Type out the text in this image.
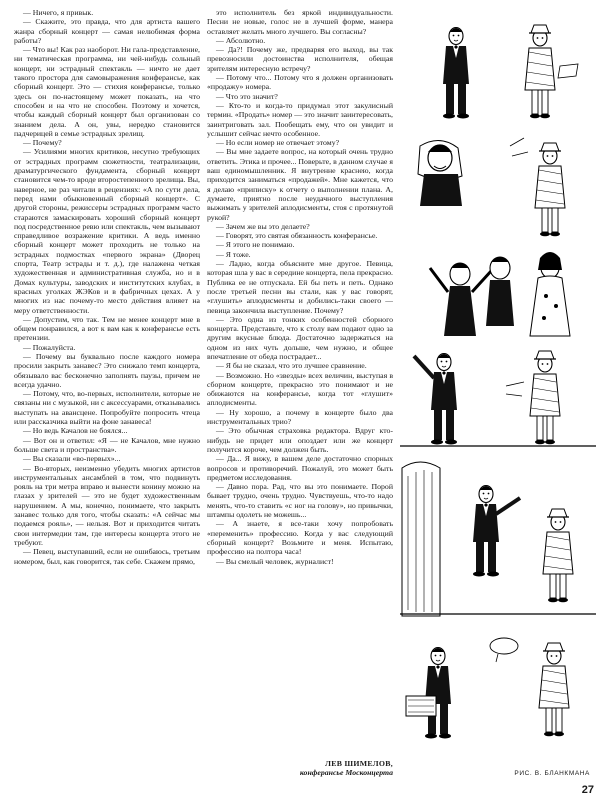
— Ничего, я привык.

— Скажите, это правда, что для артиста вашего жанра сборный концерт — самая нелюбимая форма работы?

— Что вы! Как раз наоборот. Ни гала-представление, ни тематическая программа, ни чей-нибудь сольный концерт, ни эстрадный спектакль — ничто не дает такого простора для самовыражения конферансье, как сборный концерт. Это — стихия конферансье, только здесь он по-настоящему может показать, на что способен и на что не способен. Поэтому и хочется, чтобы каждый сборный концерт был организован со знанием дела. А он, увы, нередко становится падчерицей в семье эстрадных зрелищ.

— Почему?

— Усилиями многих критиков, несутно требующих от эстрадных программ сюжетности, театрализации, драматургического фундамента, сборный концерт становится чем-то вроде второстепенного зрелища. Вы, наверное, не раз читали в рецензиях: «А по сути дела, перед нами обыкновенный сборный концерт». С другой стороны, режиссеры эстрадных программ часто стараются замаскировать хороший сборный концерт под посредственное ревю или спектакль, чем вызывают справедливое возражение критики. А ведь именно сборный концерт может проходить не только на эстрадных подмостках «первого экрана» (Дворец спорта, Театр эстрады и т. д.), где налажена четкая художественная и административная служба, но и в Домах культуры, заводских и институтских клубах, в красных уголках ЖЭКов и в фабричных цехах. А у многих из нас почему-то место действия влияет на меру ответственности.

— Допустим, что так. Тем не менее концерт мне в общем понравился, а вот к вам как к конферансье есть претензии.

— Пожалуйста.

— Почему вы буквально после каждого номера просили закрыть занавес? Это снижало темп концерта, обязывало вас бесконечно заполнять паузы, причем не всегда удачно.

— Потому, что, во-первых, исполнители, которые не связаны ни с музыкой, ни с аксессуарами, отказывались выступать на авансцене. Попробуйте попросить чтеца или рассказчика выйти на фоне занавеса!

— Но ведь Качалов не боялся...

— Вот он и ответил: «Я — не Качалов, мне нужно больше света и пространства».

— Вы сказали «во-первых»...

— Во-вторых, неизменно убедить многих артистов инструментальных ансамблей в том, что подвинуть рояль на три метра вправо и вынести конину можно на глазах у зрителей — это не будет художественным нарушением. А мы, конечно, понимаете, что закрыть занавес только для того, чтобы сказать: «А сейчас мы подаемся рояль», — нельзя. Вот и приходится читать свои интермедии там, где интересы концерта этого не требуют.

— Певец, выступавший, если не ошибаюсь, третьим номером, был, как говорится, так себе. Скажем прямо,

это исполнитель без яркой индивидуальности. Песни не новые, голос не в лучшей форме, манера оставляет желать много лучшего. Вы согласны?

— Абсолютно.

— Да?! Почему же, предваряя его выход, вы так превозносили достоинства исполнителя, обещая зрителям интересную встречу?

— Потому что... Потому что я должен организовать «продажу» номера.

— Что это значит?

— Кто-то и когда-то придумал этот закулисный термин. «Продать» номер — это значит заинтересовать, заинтриговать зал. Пообещать ему, что он увидит и услышит сейчас нечто особенное.

— Но если номер не отвечает этому?

— Вы мне задаете вопрос, на который очень трудно ответить. Этика и прочее... Поверьте, в данном случае я ваш единомышленник. Я внутренне краснею, когда приходится заниматься «продажей». Мне кажется, что я делаю «приписку» к отчету о выполнении плана. А, думаете, приятно после неудачного выступления выжимать у зрителей аплодисменты, стоя с протянутой рукой?

— Зачем же вы это делаете?

— Говорят, это святая обязанность конферансье.

— Я этого не понимаю.

— Я тоже.

— Ладно, когда объясните мне другое. Певица, которая шла у вас в середине концерта, пела прекрасно. Публика ее не отпускала. Ей бы петь и петь. Однако после третьей песни вы стали, как у вас говорят, «глушить» аплодисменты и добились-таки своего — певица закончила выступление. Почему?

— Это одна из тонких особенностей сборного концерта. Представьте, что к столу вам подают одно за другим вкусные блюда. Достаточно задержаться на одном из них чуть дольше, чем нужно, и общее впечатление от обеда пострадает...

— Я бы не сказал, что это лучшее сравнение.

— Возможно. Но «звезды» всех величин, выступая в сборном концерте, прекрасно это понимают и не обижаются на конферансье, когда тот «глушит» аплодисменты.

— Ну хорошо, а почему в концерте было два инструментальных трио?

— Это обычная страховка редактора. Вдруг кто-нибудь не придет или опоздает или же концерт получится короче, чем должен быть.

— Да... Я вижу, в вашем деле достаточно спорных вопросов и противоречий. Пожалуй, это может быть предметом исследования.

— Давно пора. Рад, что вы это понимаете. Порой бывает трудно, очень трудно. Чувствуешь, что-то надо менять, что-то ставить «с ног на голову», но привычки, штампы одолеть не можешь...

— А знаете, я все-таки хочу попробовать «переменить» профессию. Когда у вас следующий сборный концерт? Возьмите и меня. Испытаю, профессию на полтора часа!

— Вы смелый человек, журналист!

ЛЕВ ШИМЕЛОВ,
конферансье Москонцерта	РИС. В. БЛАНКМАНА
27
